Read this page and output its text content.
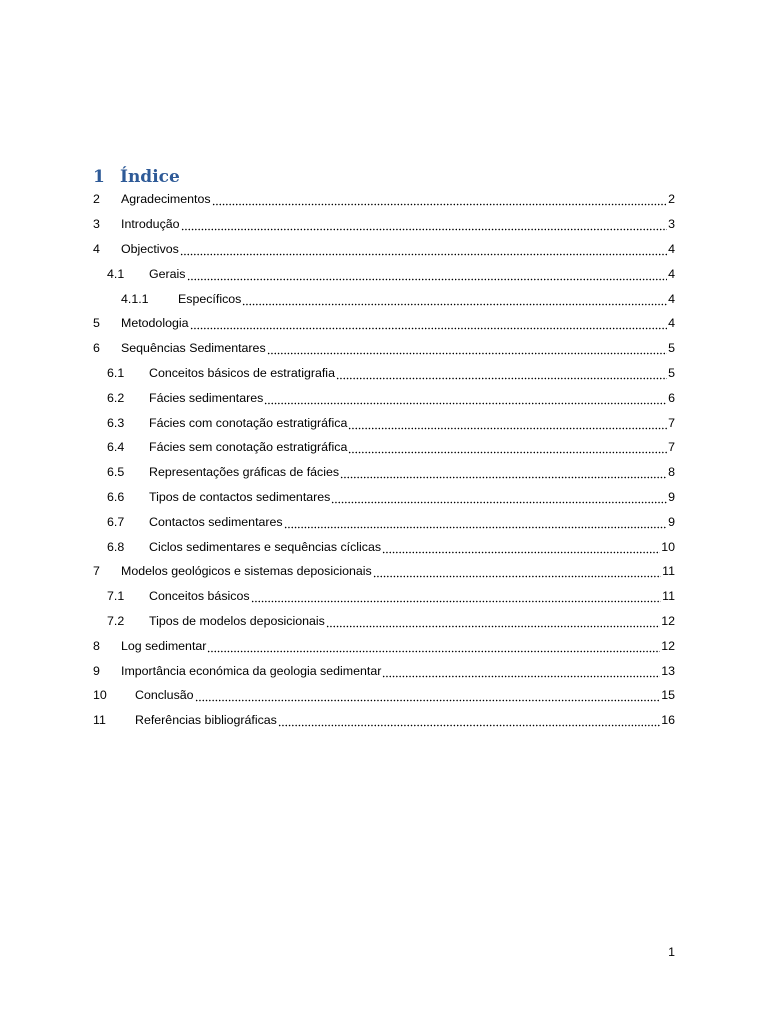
1 Índice
2	Agradecimentos	2
3	Introdução	3
4	Objectivos	4
4.1	Gerais	4
4.1.1	Específicos	4
5	Metodologia	4
6	Sequências Sedimentares	5
6.1	Conceitos básicos de estratigrafia	5
6.2	Fácies sedimentares	6
6.3	Fácies com conotação estratigráfica	7
6.4	Fácies sem conotação estratigráfica	7
6.5	Representações gráficas de fácies	8
6.6	Tipos de contactos sedimentares	9
6.7	Contactos sedimentares	9
6.8	Ciclos sedimentares e sequências cíclicas	10
7	Modelos geológicos e sistemas deposicionais	11
7.1	Conceitos básicos	11
7.2	Tipos de modelos deposicionais	12
8	Log sedimentar	12
9	Importância económica da geologia sedimentar	13
10	Conclusão	15
11	Referências bibliográficas	16
1
